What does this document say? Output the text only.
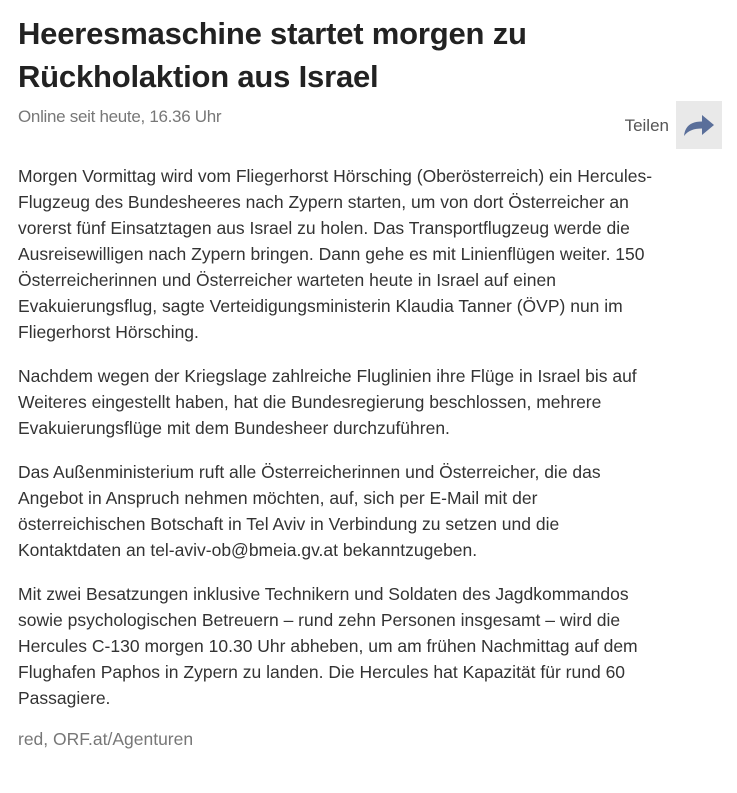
Heeresmaschine startet morgen zu Rückholaktion aus Israel
Online seit heute, 16.36 Uhr	Teilen

Morgen Vormittag wird vom Fliegerhorst Hörsching (Oberösterreich) ein Hercules-Flugzeug des Bundesheeres nach Zypern starten, um von dort Österreicher an vorerst fünf Einsatztagen aus Israel zu holen. Das Transportflugzeug werde die Ausreisewilligen nach Zypern bringen. Dann gehe es mit Linienflügen weiter. 150 Österreicherinnen und Österreicher warteten heute in Israel auf einen Evakuierungsflug, sagte Verteidigungsministerin Klaudia Tanner (ÖVP) nun im Fliegerhorst Hörsching.

Nachdem wegen der Kriegslage zahlreiche Fluglinien ihre Flüge in Israel bis auf Weiteres eingestellt haben, hat die Bundesregierung beschlossen, mehrere Evakuierungsflüge mit dem Bundesheer durchzuführen.

Das Außenministerium ruft alle Österreicherinnen und Österreicher, die das Angebot in Anspruch nehmen möchten, auf, sich per E-Mail mit der österreichischen Botschaft in Tel Aviv in Verbindung zu setzen und die Kontaktdaten an tel-aviv-ob@bmeia.gv.at bekanntzugeben.

Mit zwei Besatzungen inklusive Technikern und Soldaten des Jagdkommandos sowie psychologischen Betreuern – rund zehn Personen insgesamt – wird die Hercules C-130 morgen 10.30 Uhr abheben, um am frühen Nachmittag auf dem Flughafen Paphos in Zypern zu landen. Die Hercules hat Kapazität für rund 60 Passagiere.

red, ORF.at/Agenturen
